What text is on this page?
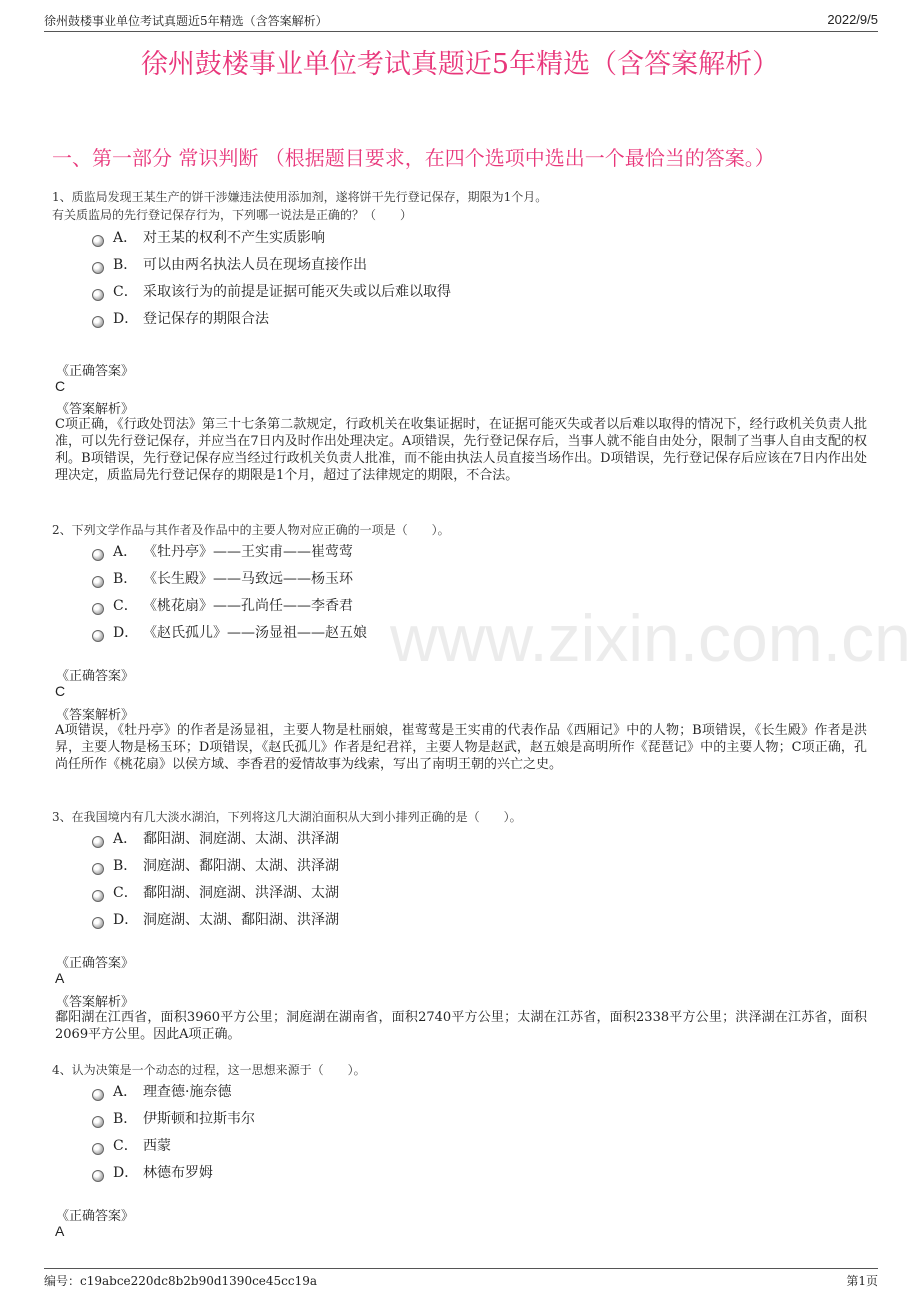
徐州鼓楼事业单位考试真题近5年精选（含答案解析）	2022/9/5
www.zixin.com.cn
徐州鼓楼事业单位考试真题近5年精选（含答案解析）
一、第一部分 常识判断 （根据题目要求，在四个选项中选出一个最恰当的答案。）
1、质监局发现王某生产的饼干涉嫌违法使用添加剂，遂将饼干先行登记保存，期限为1个月。
有关质监局的先行登记保存行为，下列哪一说法是正确的？（　　）
A． 对王某的权利不产生实质影响
B． 可以由两名执法人员在现场直接作出
C． 采取该行为的前提是证据可能灭失或以后难以取得
D． 登记保存的期限合法
《正确答案》
C
《答案解析》
C项正确，《行政处罚法》第三十七条第二款规定，行政机关在收集证据时，在证据可能灭失或者以后难以取得的情况下，经行政机关负责人批准，可以先行登记保存，并应当在7日内及时作出处理决定。A项错误，先行登记保存后，当事人就不能自由处分，限制了当事人自由支配的权利。B项错误，先行登记保存应当经过行政机关负责人批准，而不能由执法人员直接当场作出。D项错误，先行登记保存后应该在7日内作出处理决定，质监局先行登记保存的期限是1个月，超过了法律规定的期限，不合法。
2、下列文学作品与其作者及作品中的主要人物对应正确的一项是（　　）。
A． 《牡丹亭》——王实甫——崔莺莺
B． 《长生殿》——马致远——杨玉环
C． 《桃花扇》——孔尚任——李香君
D． 《赵氏孤儿》——汤显祖——赵五娘
《正确答案》
C
《答案解析》
A项错误，《牡丹亭》的作者是汤显祖，主要人物是杜丽娘，崔莺莺是王实甫的代表作品《西厢记》中的人物；B项错误，《长生殿》作者是洪昇，主要人物是杨玉环；D项错误，《赵氏孤儿》作者是纪君祥，主要人物是赵武，赵五娘是高明所作《琵琶记》中的主要人物；C项正确，孔尚任所作《桃花扇》以侯方域、李香君的爱情故事为线索，写出了南明王朝的兴亡之史。
3、在我国境内有几大淡水湖泊，下列将这几大湖泊面积从大到小排列正确的是（　　）。
A． 鄱阳湖、洞庭湖、太湖、洪泽湖
B． 洞庭湖、鄱阳湖、太湖、洪泽湖
C． 鄱阳湖、洞庭湖、洪泽湖、太湖
D． 洞庭湖、太湖、鄱阳湖、洪泽湖
《正确答案》
A
《答案解析》
鄱阳湖在江西省，面积3960平方公里；洞庭湖在湖南省，面积2740平方公里；太湖在江苏省，面积2338平方公里；洪泽湖在江苏省，面积2069平方公里。因此A项正确。
4、认为决策是一个动态的过程，这一思想来源于（　　）。
A． 理查德·施奈德
B． 伊斯顿和拉斯韦尔
C． 西蒙
D． 林德布罗姆
《正确答案》
A
编号：c19abce220dc8b2b90d1390ce45cc19a	第1页
